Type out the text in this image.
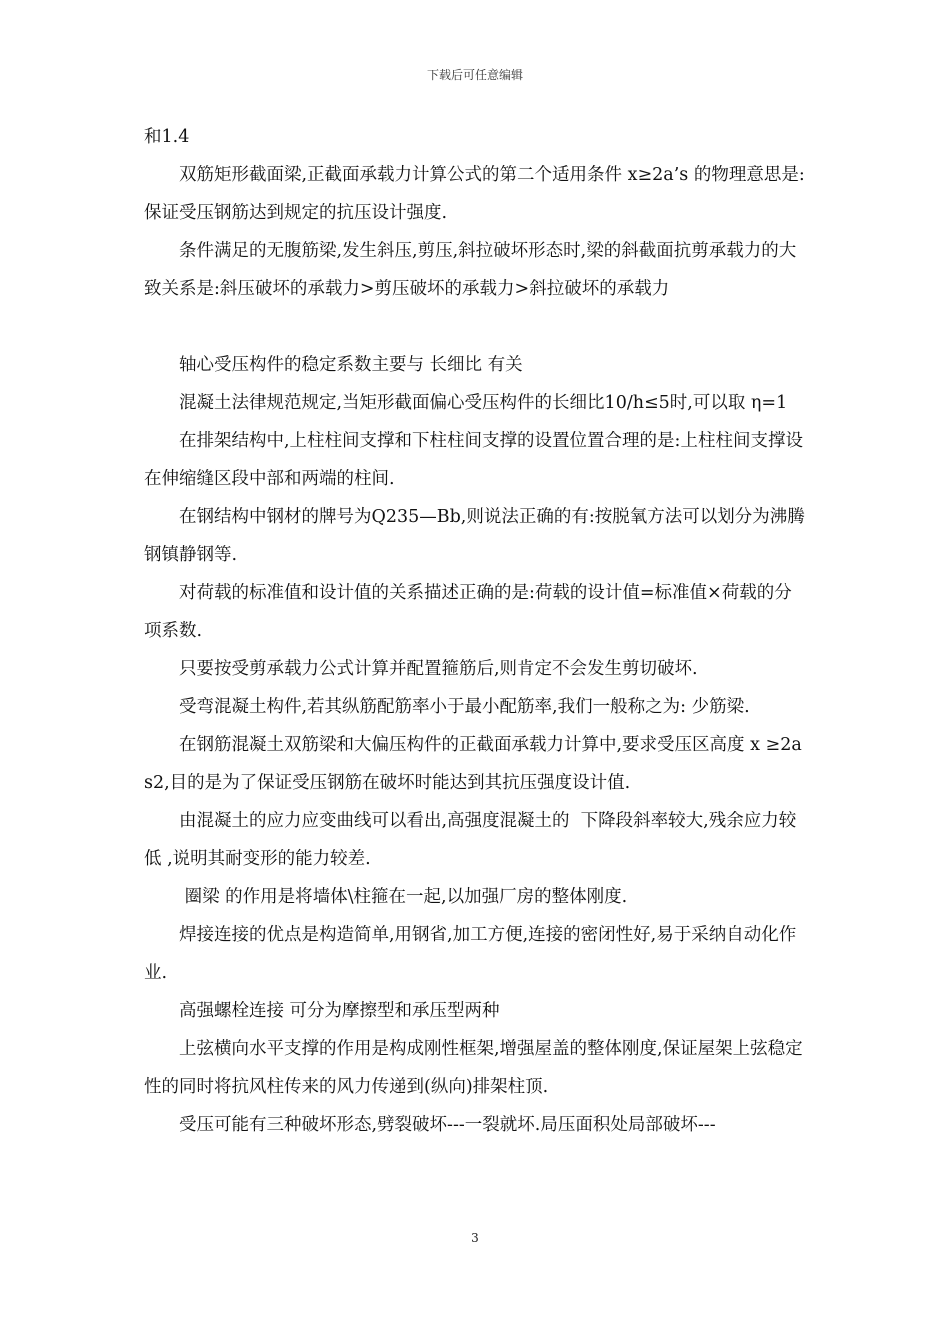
下载后可任意编辑

和1.4

双筋矩形截面梁,正截面承载力计算公式的第二个适用条件 x≥2a’s 的物理意思是:保证受压钢筋达到规定的抗压设计强度.

条件满足的无腹筋梁,发生斜压,剪压,斜拉破坏形态时,梁的斜截面抗剪承载力的大致关系是:斜压破坏的承载力>剪压破坏的承载力>斜拉破坏的承载力

轴心受压构件的稳定系数主要与 长细比 有关

混凝土法律规范规定,当矩形截面偏心受压构件的长细比10/h≤5时,可以取 η=1

在排架结构中,上柱柱间支撑和下柱柱间支撑的设置位置合理的是:上柱柱间支撑设在伸缩缝区段中部和两端的柱间.

在钢结构中钢材的牌号为Q235—Bb,则说法正确的有:按脱氧方法可以划分为沸腾钢镇静钢等.

对荷载的标准值和设计值的关系描述正确的是:荷载的设计值=标准值×荷载的分项系数.

只要按受剪承载力公式计算并配置箍筋后,则肯定不会发生剪切破坏.

受弯混凝土构件,若其纵筋配筋率小于最小配筋率,我们一般称之为: 少筋梁.

在钢筋混凝土双筋梁和大偏压构件的正截面承载力计算中,要求受压区高度 x ≥2as2,目的是为了保证受压钢筋在破坏时能达到其抗压强度设计值.

由混凝土的应力应变曲线可以看出,高强度混凝土的  下降段斜率较大,残余应力较低 ,说明其耐变形的能力较差.

圈梁 的作用是将墙体\柱箍在一起,以加强厂房的整体刚度.

焊接连接的优点是构造简单,用钢省,加工方便,连接的密闭性好,易于采纳自动化作业.

高强螺栓连接 可分为摩擦型和承压型两种

上弦横向水平支撑的作用是构成刚性框架,增强屋盖的整体刚度,保证屋架上弦稳定性的同时将抗风柱传来的风力传递到(纵向)排架柱顶.

受压可能有三种破坏形态,劈裂破坏---一裂就坏.局压面积处局部破坏---

3
